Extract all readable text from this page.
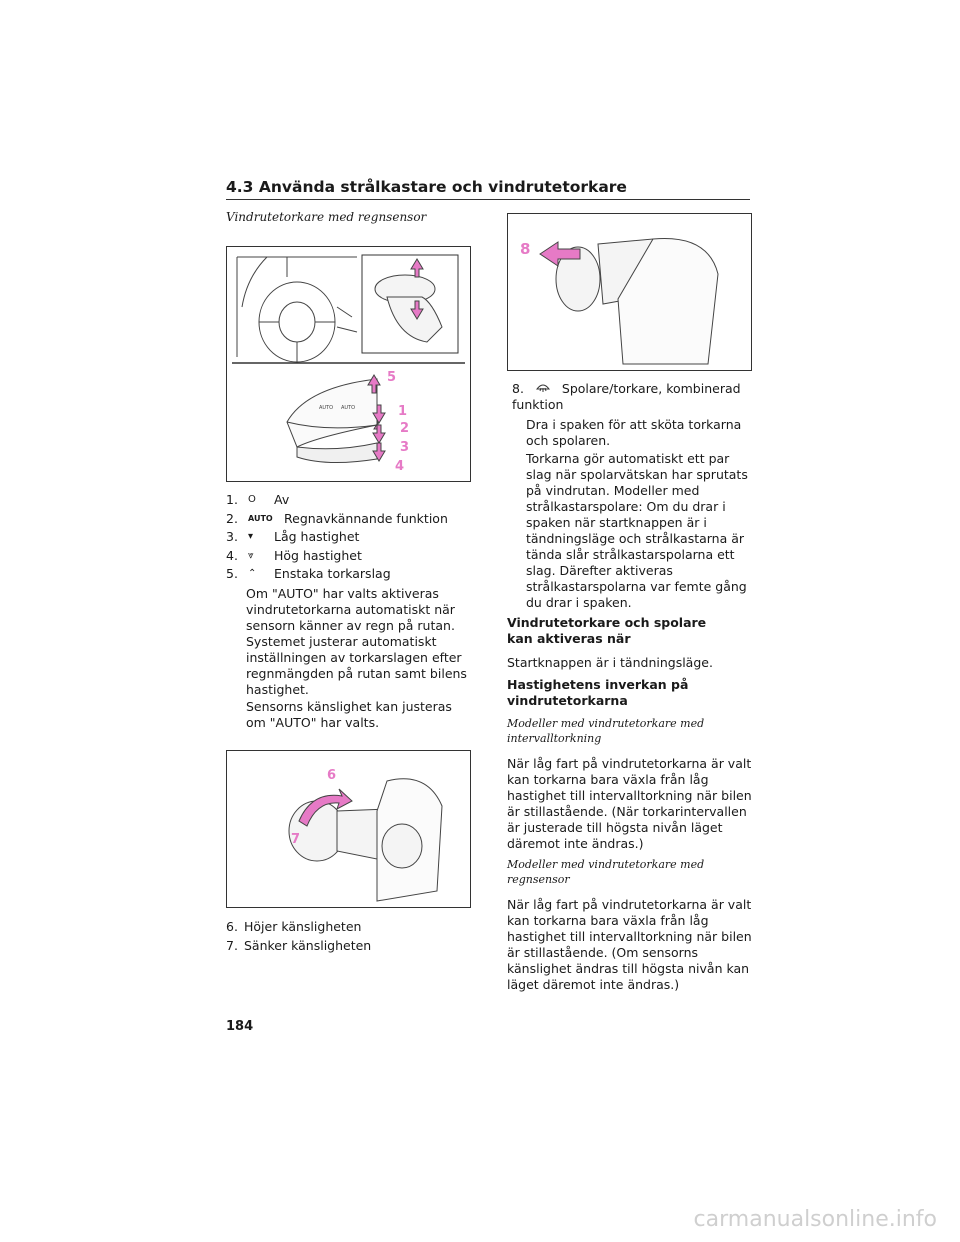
4.3 Använda strålkastare och vindrutetorkare
Vindrutetorkare med regnsensor
AUTO AUTO
5
1
2
3
4
8
6
7
1.	O	Av
2.	AUTO Regnavkännande funktion
3.	▾	Låg hastighet
4.	⩔	Hög hastighet
5.	⌃	Enstaka torkarslag
Om "AUTO" har valts aktiveras vindrutetorkarna automatiskt när sensorn känner av regn på rutan. Systemet justerar automatiskt inställningen av torkarslagen efter regnmängden på rutan samt bilens hastighet.
Sensorns känslighet kan justeras om "AUTO" har valts.
6. Höjer känsligheten
7. Sänker känsligheten
8.	Spolare/torkare, kombinerad funktion
Dra i spaken för att sköta torkarna och spolaren.
Torkarna gör automatiskt ett par slag när spolarvätskan har sprutats på vindrutan. Modeller med strålkastarspolare: Om du drar i spaken när startknappen är i tändningsläge och strålkastarna är tända slår strålkastarspolarna ett slag. Därefter aktiveras strålkastarspolarna var femte gång du drar i spaken.
Vindrutetorkare och spolare kan aktiveras när
Startknappen är i tändningsläge.
Hastighetens inverkan på vindrutetorkarna
Modeller med vindrutetorkare med intervalltorkning
När låg fart på vindrutetorkarna är valt kan torkarna bara växla från låg hastighet till intervalltorkning när bilen är stillastående. (När torkarintervallen är justerade till högsta nivån läget däremot inte ändras.)
Modeller med vindrutetorkare med regnsensor
När låg fart på vindrutetorkarna är valt kan torkarna bara växla från låg hastighet till intervalltorkning när bilen är stillastående. (Om sensorns känslighet ändras till högsta nivån kan läget däremot inte ändras.)
184
carmanualsonline.info
